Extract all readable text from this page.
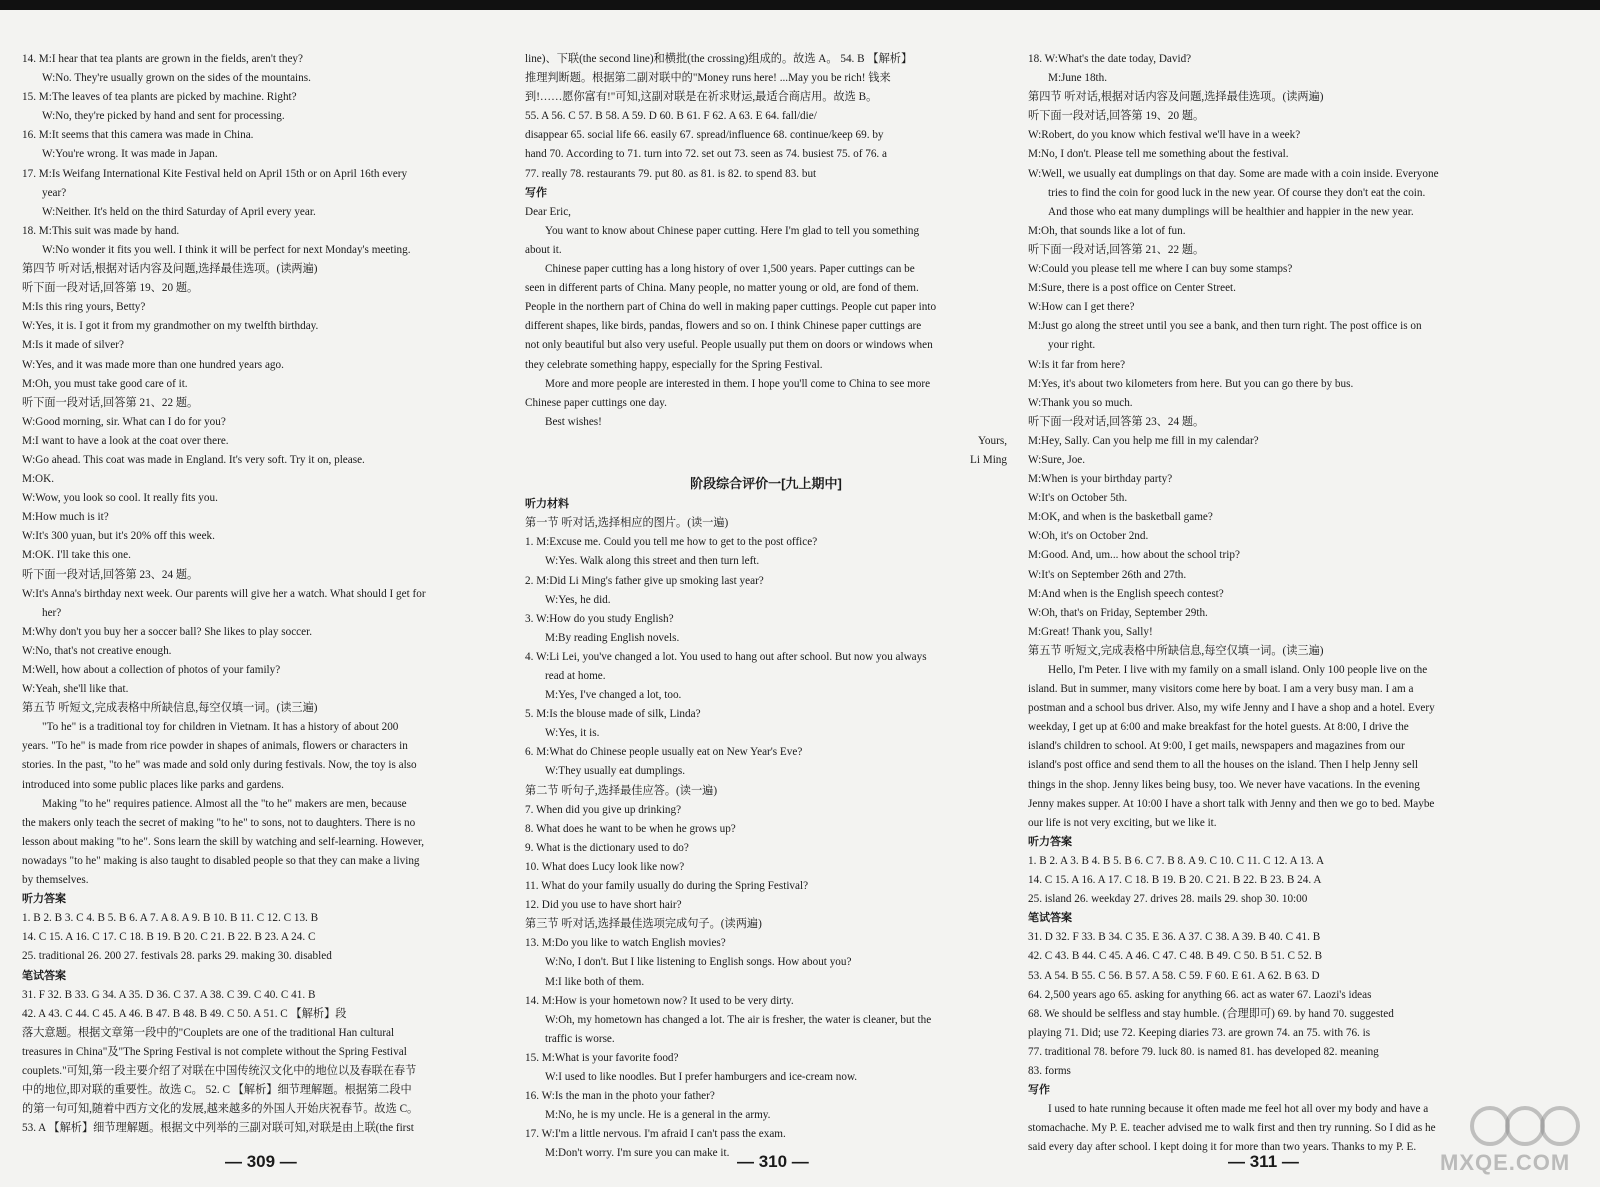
14. M:I hear that tea plants are grown in the fields, aren't they?
W:No. They're usually grown on the sides of the mountains.
15. M:The leaves of tea plants are picked by machine. Right?
W:No, they're picked by hand and sent for processing.
16. M:It seems that this camera was made in China.
W:You're wrong. It was made in Japan.
17. M:Is Weifang International Kite Festival held on April 15th or on April 16th every
year?
W:Neither. It's held on the third Saturday of April every year.
18. M:This suit was made by hand.
W:No wonder it fits you well. I think it will be perfect for next Monday's meeting.
第四节 听对话,根据对话内容及问题,选择最佳选项。(读两遍)
听下面一段对话,回答第 19、20 题。
M:Is this ring yours, Betty?
W:Yes, it is. I got it from my grandmother on my twelfth birthday.
M:Is it made of silver?
W:Yes, and it was made more than one hundred years ago.
M:Oh, you must take good care of it.
听下面一段对话,回答第 21、22 题。
W:Good morning, sir. What can I do for you?
M:I want to have a look at the coat over there.
W:Go ahead. This coat was made in England. It's very soft. Try it on, please.
M:OK.
W:Wow, you look so cool. It really fits you.
M:How much is it?
W:It's 300 yuan, but it's 20% off this week.
M:OK. I'll take this one.
听下面一段对话,回答第 23、24 题。
W:It's Anna's birthday next week. Our parents will give her a watch. What should I get for
her?
M:Why don't you buy her a soccer ball? She likes to play soccer.
W:No, that's not creative enough.
M:Well, how about a collection of photos of your family?
W:Yeah, she'll like that.
第五节 听短文,完成表格中所缺信息,每空仅填一词。(读三遍)
"To he" is a traditional toy for children in Vietnam. It has a history of about 200
years. "To he" is made from rice powder in shapes of animals, flowers or characters in
stories. In the past, "to he" was made and sold only during festivals. Now, the toy is also
introduced into some public places like parks and gardens.
Making "to he" requires patience. Almost all the "to he" makers are men, because
the makers only teach the secret of making "to he" to sons, not to daughters. There is no
lesson about making "to he". Sons learn the skill by watching and self-learning. However,
nowadays "to he" making is also taught to disabled people so that they can make a living
by themselves.
听力答案
1. B 2. B 3. C 4. B 5. B 6. A 7. A 8. A 9. B 10. B 11. C 12. C 13. B
14. C 15. A 16. C 17. C 18. B 19. B 20. C 21. B 22. B 23. A 24. C
25. traditional 26. 200 27. festivals 28. parks 29. making 30. disabled
笔试答案
31. F 32. B 33. G 34. A 35. D 36. C 37. A 38. C 39. C 40. C 41. B
42. A 43. C 44. C 45. A 46. B 47. B 48. B 49. C 50. A 51. C 【解析】段
落大意题。根据文章第一段中的"Couplets are one of the traditional Han cultural
treasures in China"及"The Spring Festival is not complete without the Spring Festival
couplets."可知,第一段主要介绍了对联在中国传统汉文化中的地位以及春联在春节
中的地位,即对联的重要性。故选 C。 52. C 【解析】细节理解题。根据第二段中
的第一句可知,随着中西方文化的发展,越来越多的外国人开始庆祝春节。故选 C。
53. A 【解析】细节理解题。根据文中列举的三副对联可知,对联是由上联(the first
line)、下联(the second line)和横批(the crossing)组成的。故选 A。 54. B 【解析】
推理判断题。根据第二副对联中的"Money runs here! ...May you be rich! 钱来
到!……愿你富有!"可知,这副对联是在祈求财运,最适合商店用。故选 B。
55. A 56. C 57. B 58. A 59. D 60. B 61. F 62. A 63. E 64. fall/die/
disappear 65. social life 66. easily 67. spread/influence 68. continue/keep 69. by
hand 70. According to 71. turn into 72. set out 73. seen as 74. busiest 75. of 76. a
77. really 78. restaurants 79. put 80. as 81. is 82. to spend 83. but
写作
Dear Eric,
You want to know about Chinese paper cutting. Here I'm glad to tell you something
about it.
Chinese paper cutting has a long history of over 1,500 years. Paper cuttings can be
seen in different parts of China. Many people, no matter young or old, are fond of them.
People in the northern part of China do well in making paper cuttings. People cut paper into
different shapes, like birds, pandas, flowers and so on. I think Chinese paper cuttings are
not only beautiful but also very useful. People usually put them on doors or windows when
they celebrate something happy, especially for the Spring Festival.
More and more people are interested in them. I hope you'll come to China to see more
Chinese paper cuttings one day.
Best wishes!
Yours,
Li Ming
阶段综合评价一[九上期中]
听力材料
第一节 听对话,选择相应的图片。(读一遍)
1. M:Excuse me. Could you tell me how to get to the post office?
W:Yes. Walk along this street and then turn left.
2. M:Did Li Ming's father give up smoking last year?
W:Yes, he did.
3. W:How do you study English?
M:By reading English novels.
4. W:Li Lei, you've changed a lot. You used to hang out after school. But now you always
read at home.
M:Yes, I've changed a lot, too.
5. M:Is the blouse made of silk, Linda?
W:Yes, it is.
6. M:What do Chinese people usually eat on New Year's Eve?
W:They usually eat dumplings.
第二节 听句子,选择最佳应答。(读一遍)
7. When did you give up drinking?
8. What does he want to be when he grows up?
9. What is the dictionary used to do?
10. What does Lucy look like now?
11. What do your family usually do during the Spring Festival?
12. Did you use to have short hair?
第三节 听对话,选择最佳选项完成句子。(读两遍)
13. M:Do you like to watch English movies?
W:No, I don't. But I like listening to English songs. How about you?
M:I like both of them.
14. M:How is your hometown now? It used to be very dirty.
W:Oh, my hometown has changed a lot. The air is fresher, the water is cleaner, but the
traffic is worse.
15. M:What is your favorite food?
W:I used to like noodles. But I prefer hamburgers and ice-cream now.
16. W:Is the man in the photo your father?
M:No, he is my uncle. He is a general in the army.
17. W:I'm a little nervous. I'm afraid I can't pass the exam.
M:Don't worry. I'm sure you can make it.
18. W:What's the date today, David?
M:June 18th.
第四节 听对话,根据对话内容及问题,选择最佳选项。(读两遍)
听下面一段对话,回答第 19、20 题。
W:Robert, do you know which festival we'll have in a week?
M:No, I don't. Please tell me something about the festival.
W:Well, we usually eat dumplings on that day. Some are made with a coin inside. Everyone
tries to find the coin for good luck in the new year. Of course they don't eat the coin.
And those who eat many dumplings will be healthier and happier in the new year.
M:Oh, that sounds like a lot of fun.
听下面一段对话,回答第 21、22 题。
W:Could you please tell me where I can buy some stamps?
M:Sure, there is a post office on Center Street.
W:How can I get there?
M:Just go along the street until you see a bank, and then turn right. The post office is on
your right.
W:Is it far from here?
M:Yes, it's about two kilometers from here. But you can go there by bus.
W:Thank you so much.
听下面一段对话,回答第 23、24 题。
M:Hey, Sally. Can you help me fill in my calendar?
W:Sure, Joe.
M:When is your birthday party?
W:It's on October 5th.
M:OK, and when is the basketball game?
W:Oh, it's on October 2nd.
M:Good. And, um... how about the school trip?
W:It's on September 26th and 27th.
M:And when is the English speech contest?
W:Oh, that's on Friday, September 29th.
M:Great! Thank you, Sally!
第五节 听短文,完成表格中所缺信息,每空仅填一词。(读三遍)
Hello, I'm Peter. I live with my family on a small island. Only 100 people live on the
island. But in summer, many visitors come here by boat. I am a very busy man. I am a
postman and a school bus driver. Also, my wife Jenny and I have a shop and a hotel. Every
weekday, I get up at 6:00 and make breakfast for the hotel guests. At 8:00, I drive the
island's children to school. At 9:00, I get mails, newspapers and magazines from our
island's post office and send them to all the houses on the island. Then I help Jenny sell
things in the shop. Jenny likes being busy, too. We never have vacations. In the evening
Jenny makes supper. At 10:00 I have a short talk with Jenny and then we go to bed. Maybe
our life is not very exciting, but we like it.
听力答案
1. B 2. A 3. B 4. B 5. B 6. C 7. B 8. A 9. C 10. C 11. C 12. A 13. A
14. C 15. A 16. A 17. C 18. B 19. B 20. C 21. B 22. B 23. B 24. A
25. island 26. weekday 27. drives 28. mails 29. shop 30. 10:00
笔试答案
31. D 32. F 33. B 34. C 35. E 36. A 37. C 38. A 39. B 40. C 41. B
42. C 43. B 44. C 45. A 46. C 47. C 48. B 49. C 50. B 51. C 52. B
53. A 54. B 55. C 56. B 57. A 58. C 59. F 60. E 61. A 62. B 63. D
64. 2,500 years ago 65. asking for anything 66. act as water 67. Laozi's ideas
68. We should be selfless and stay humble. (合理即可) 69. by hand 70. suggested
playing 71. Did; use 72. Keeping diaries 73. are grown 74. an 75. with 76. is
77. traditional 78. before 79. luck 80. is named 81. has developed 82. meaning
83. forms
写作
I used to hate running because it often made me feel hot all over my body and have a
stomachache. My P. E. teacher advised me to walk first and then try running. So I did as he
said every day after school. I kept doing it for more than two years. Thanks to my P. E.
— 309 —	— 310 —	— 311 —	MXQE.COM
